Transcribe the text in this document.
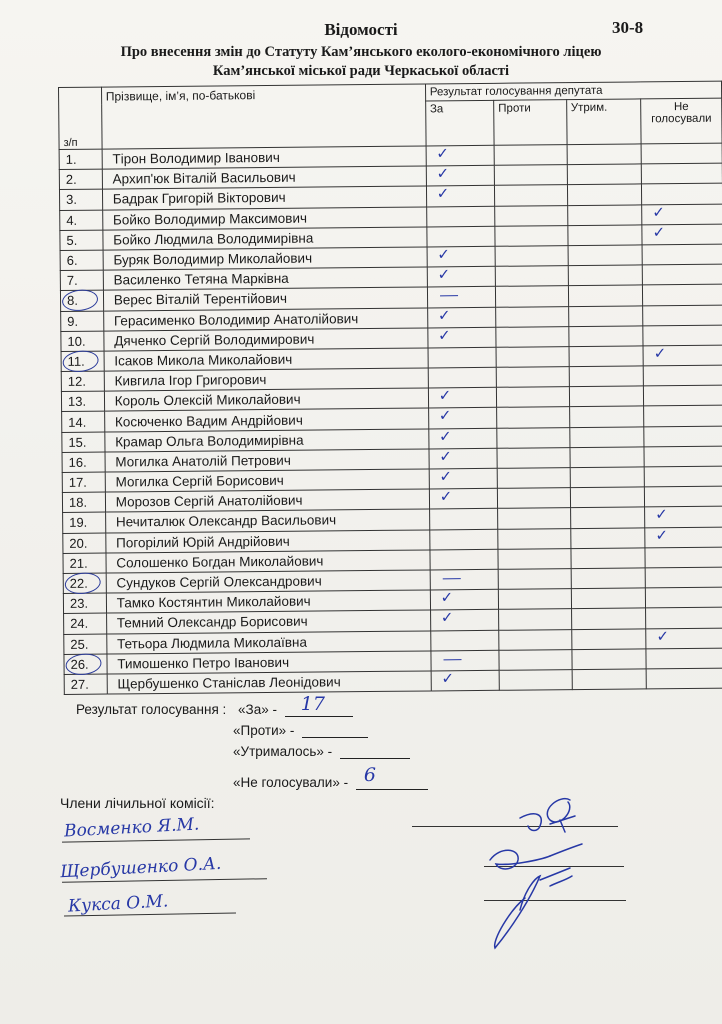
Відомості	30-8
Про внесення змін до Статуту Кам’янського еколого-економічного ліцею
Кам’янської міської ради Черкаської області
з/п	Прізвище, ім’я, по-батькові	Результат голосування депутата			
		За	Проти	Утрим.	Не голосували
1.	Тірон Володимир Іванович	✓			

2.	Архип'юк Віталій Васильович	✓			

3.	Бадрак Григорій Вікторович	✓			

4.	Бойко Володимир Максимович				✓

5.	Бойко Людмила Володимирівна				✓

6.	Буряк Володимир Миколайович	✓			

7.	Василенко Тетяна Марківна	✓			

8.	Верес Віталій Терентійович	

9.	Герасименко Володимир Анатолійович	✓			

10.	Дяченко Сергій Володимирович	✓			

11.	Ісаков Микола Миколайович				✓

12.	Кивгила Ігор Григорович				
13.	Король Олексій Миколайович	✓			

14.	Косюченко Вадим Андрійович	✓			

15.	Крамар Ольга Володимирівна	✓			

16.	Могилка Анатолій Петрович	✓			

17.	Могилка Сергій Борисович	✓			

18.	Морозов Сергій Анатолійович	✓			

19.	Нечиталюк Олександр Васильович				✓

20.	Погорілий Юрій Андрійович				✓

21.	Солошенко Богдан Миколайович				
22.	Сундуков Сергій Олександрович	

23.	Тамко Костянтин Миколайович	✓			

24.	Темний Олександр Борисович	✓			

25.	Тетьора Людмила Миколаївна				✓

26.	Тимошенко Петро Іванович	

27.	Щербушенко Станіслав Леонідович	✓			

Результат голосування : «За» - 17
«Проти» -
«Утрималось» -
«Не голосували» - 6
Члени лічильної комісії:
Восменко Я.М.
Щербушенко О.А.
Кукса О.М.
